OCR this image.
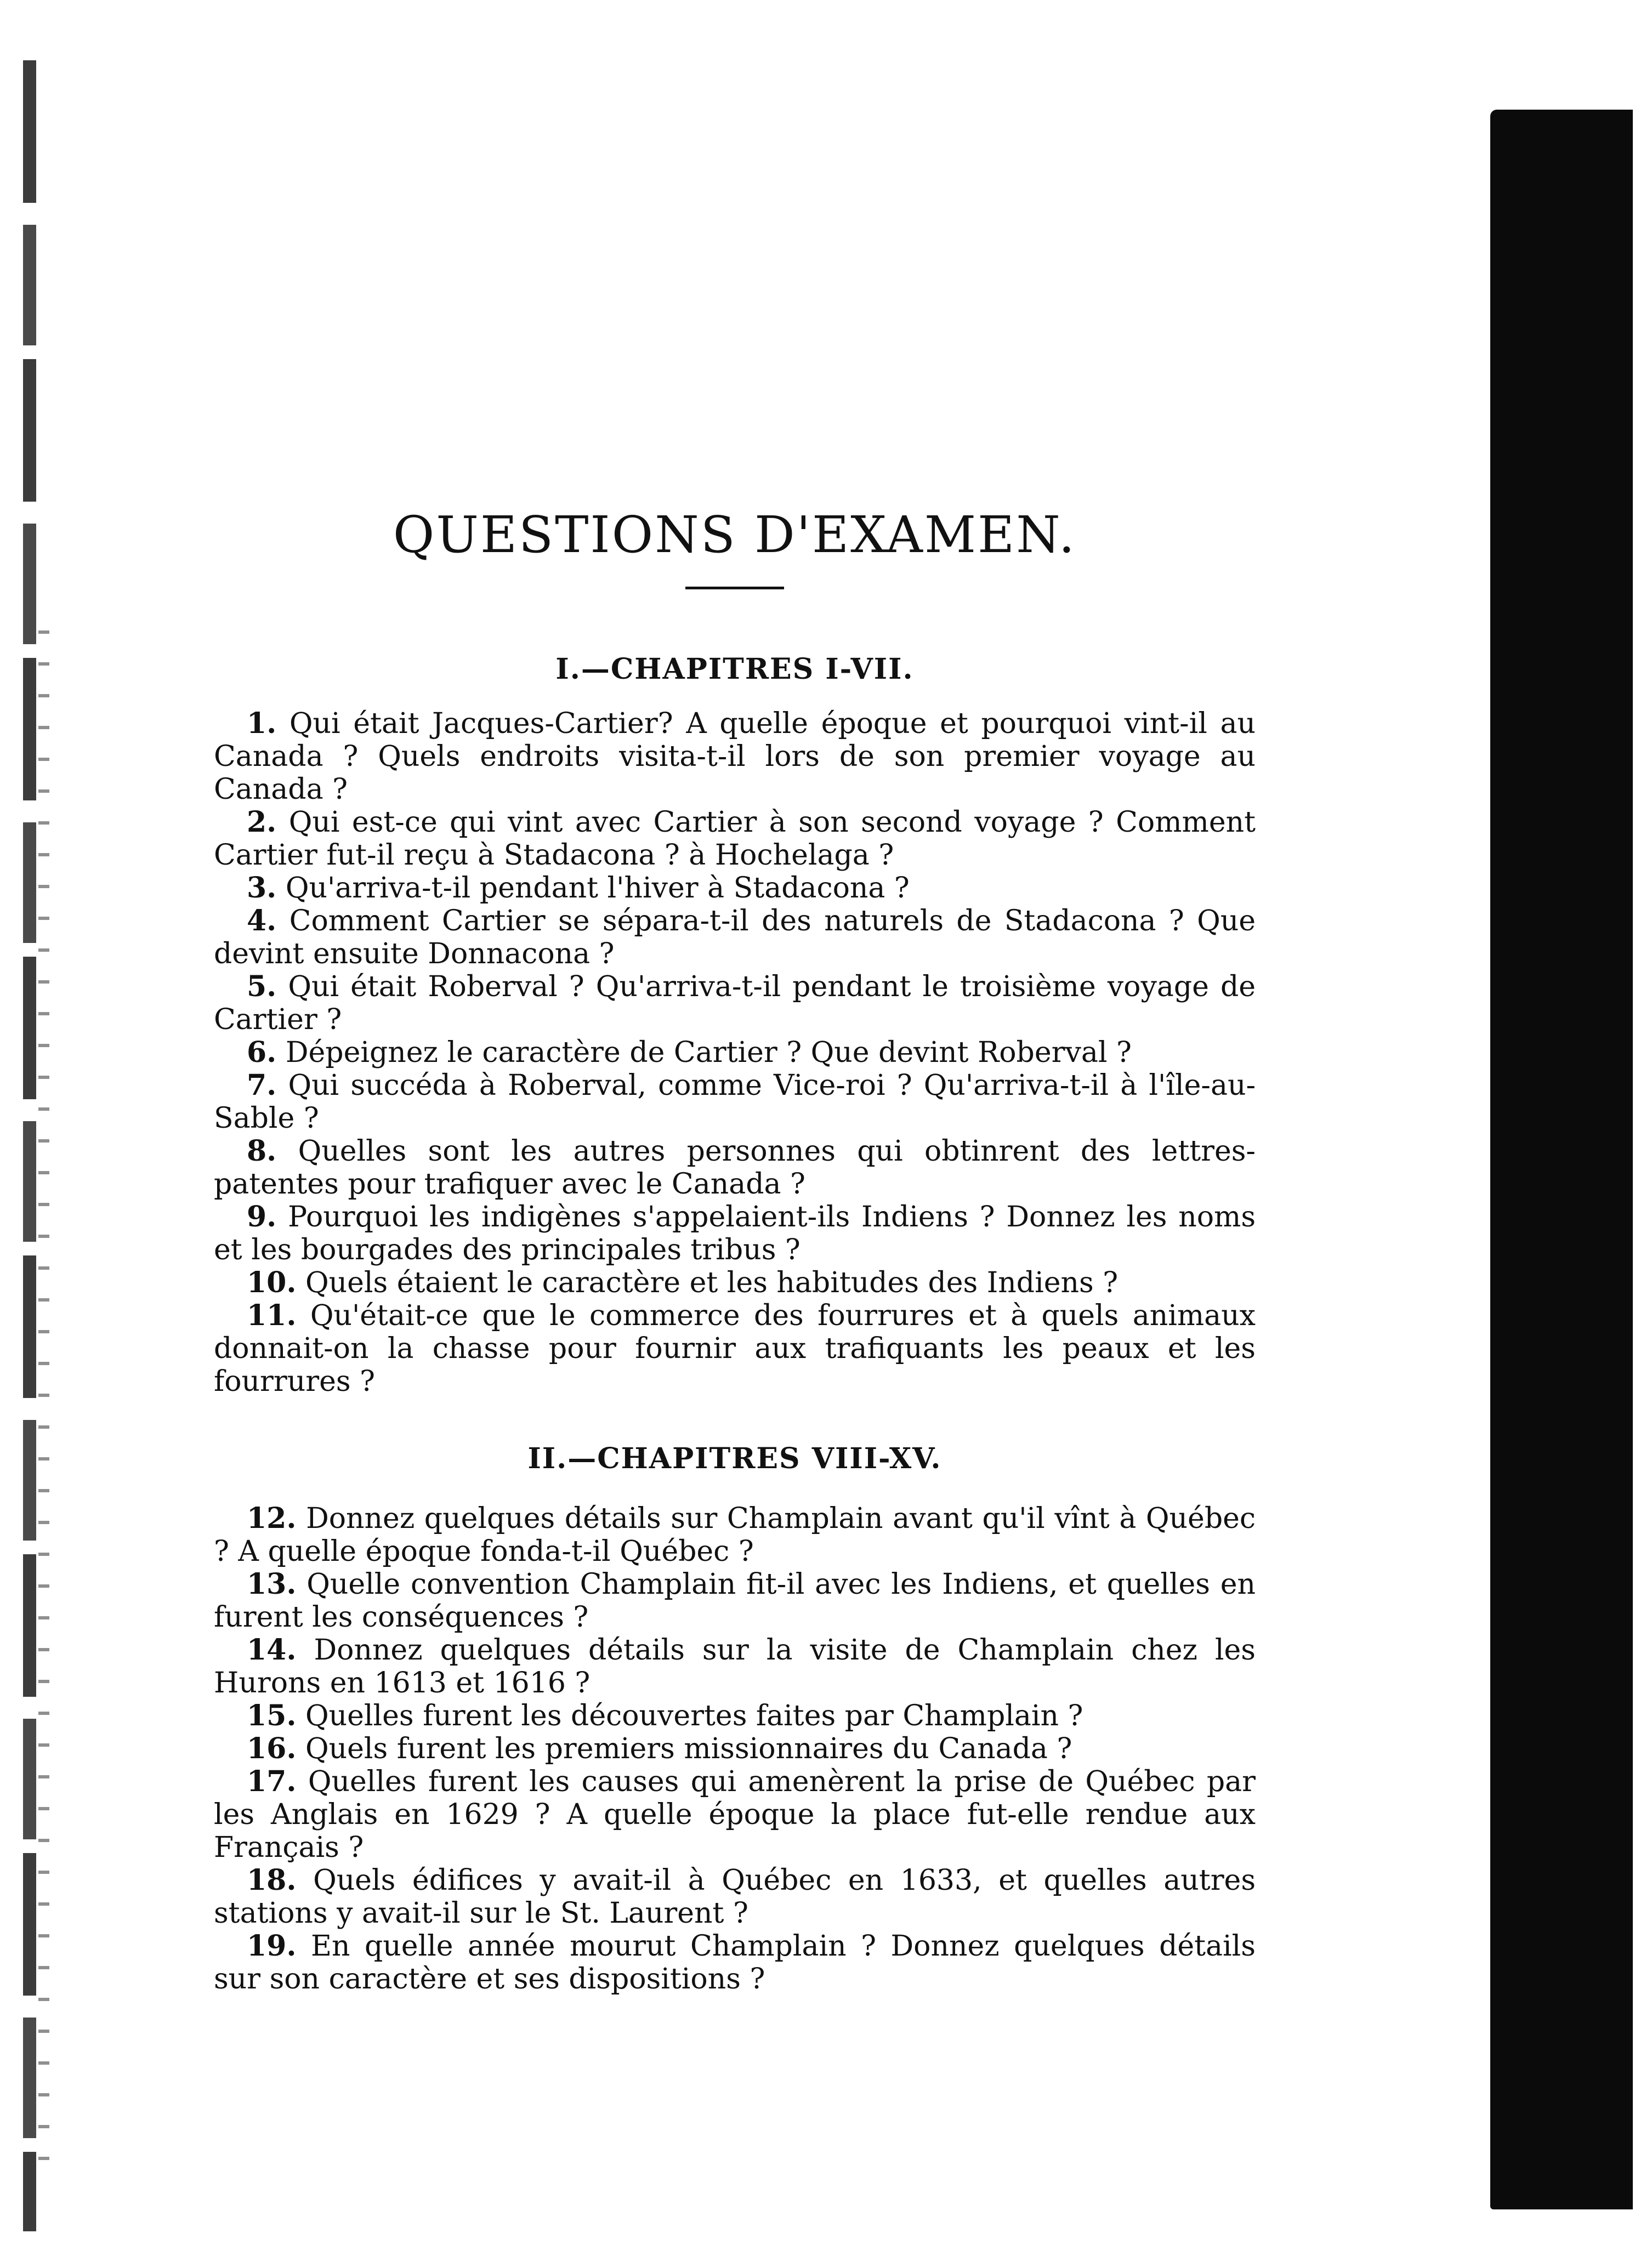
QUESTIONS D'EXAMEN.
I.—CHAPITRES I-VII.
1. Qui était Jacques-Cartier? A quelle époque et pourquoi vint-il au Canada ? Quels endroits visita-t-il lors de son premier voyage au Canada ?
2. Qui est-ce qui vint avec Cartier à son second voyage ? Comment Cartier fut-il reçu à Stadacona ? à Hochelaga ?
3. Qu'arriva-t-il pendant l'hiver à Stadacona ?
4. Comment Cartier se sépara-t-il des naturels de Stadacona ? Que devint ensuite Donnacona ?
5. Qui était Roberval ? Qu'arriva-t-il pendant le troisième voyage de Cartier ?
6. Dépeignez le caractère de Cartier ? Que devint Roberval ?
7. Qui succéda à Roberval, comme Vice-roi ? Qu'arriva-t-il à l'île-au-Sable ?
8. Quelles sont les autres personnes qui obtinrent des lettres-patentes pour trafiquer avec le Canada ?
9. Pourquoi les indigènes s'appelaient-ils Indiens ? Donnez les noms et les bourgades des principales tribus ?
10. Quels étaient le caractère et les habitudes des Indiens ?
11. Qu'était-ce que le commerce des fourrures et à quels animaux donnait-on la chasse pour fournir aux trafiquants les peaux et les fourrures ?
II.—CHAPITRES VIII-XV.
12. Donnez quelques détails sur Champlain avant qu'il vînt à Québec ? A quelle époque fonda-t-il Québec ?
13. Quelle convention Champlain fit-il avec les Indiens, et quelles en furent les conséquences ?
14. Donnez quelques détails sur la visite de Champlain chez les Hurons en 1613 et 1616 ?
15. Quelles furent les découvertes faites par Champlain ?
16. Quels furent les premiers missionnaires du Canada ?
17. Quelles furent les causes qui amenèrent la prise de Québec par les Anglais en 1629 ? A quelle époque la place fut-elle rendue aux Français ?
18. Quels édifices y avait-il à Québec en 1633, et quelles autres stations y avait-il sur le St. Laurent ?
19. En quelle année mourut Champlain ? Donnez quelques détails sur son caractère et ses dispositions ?
